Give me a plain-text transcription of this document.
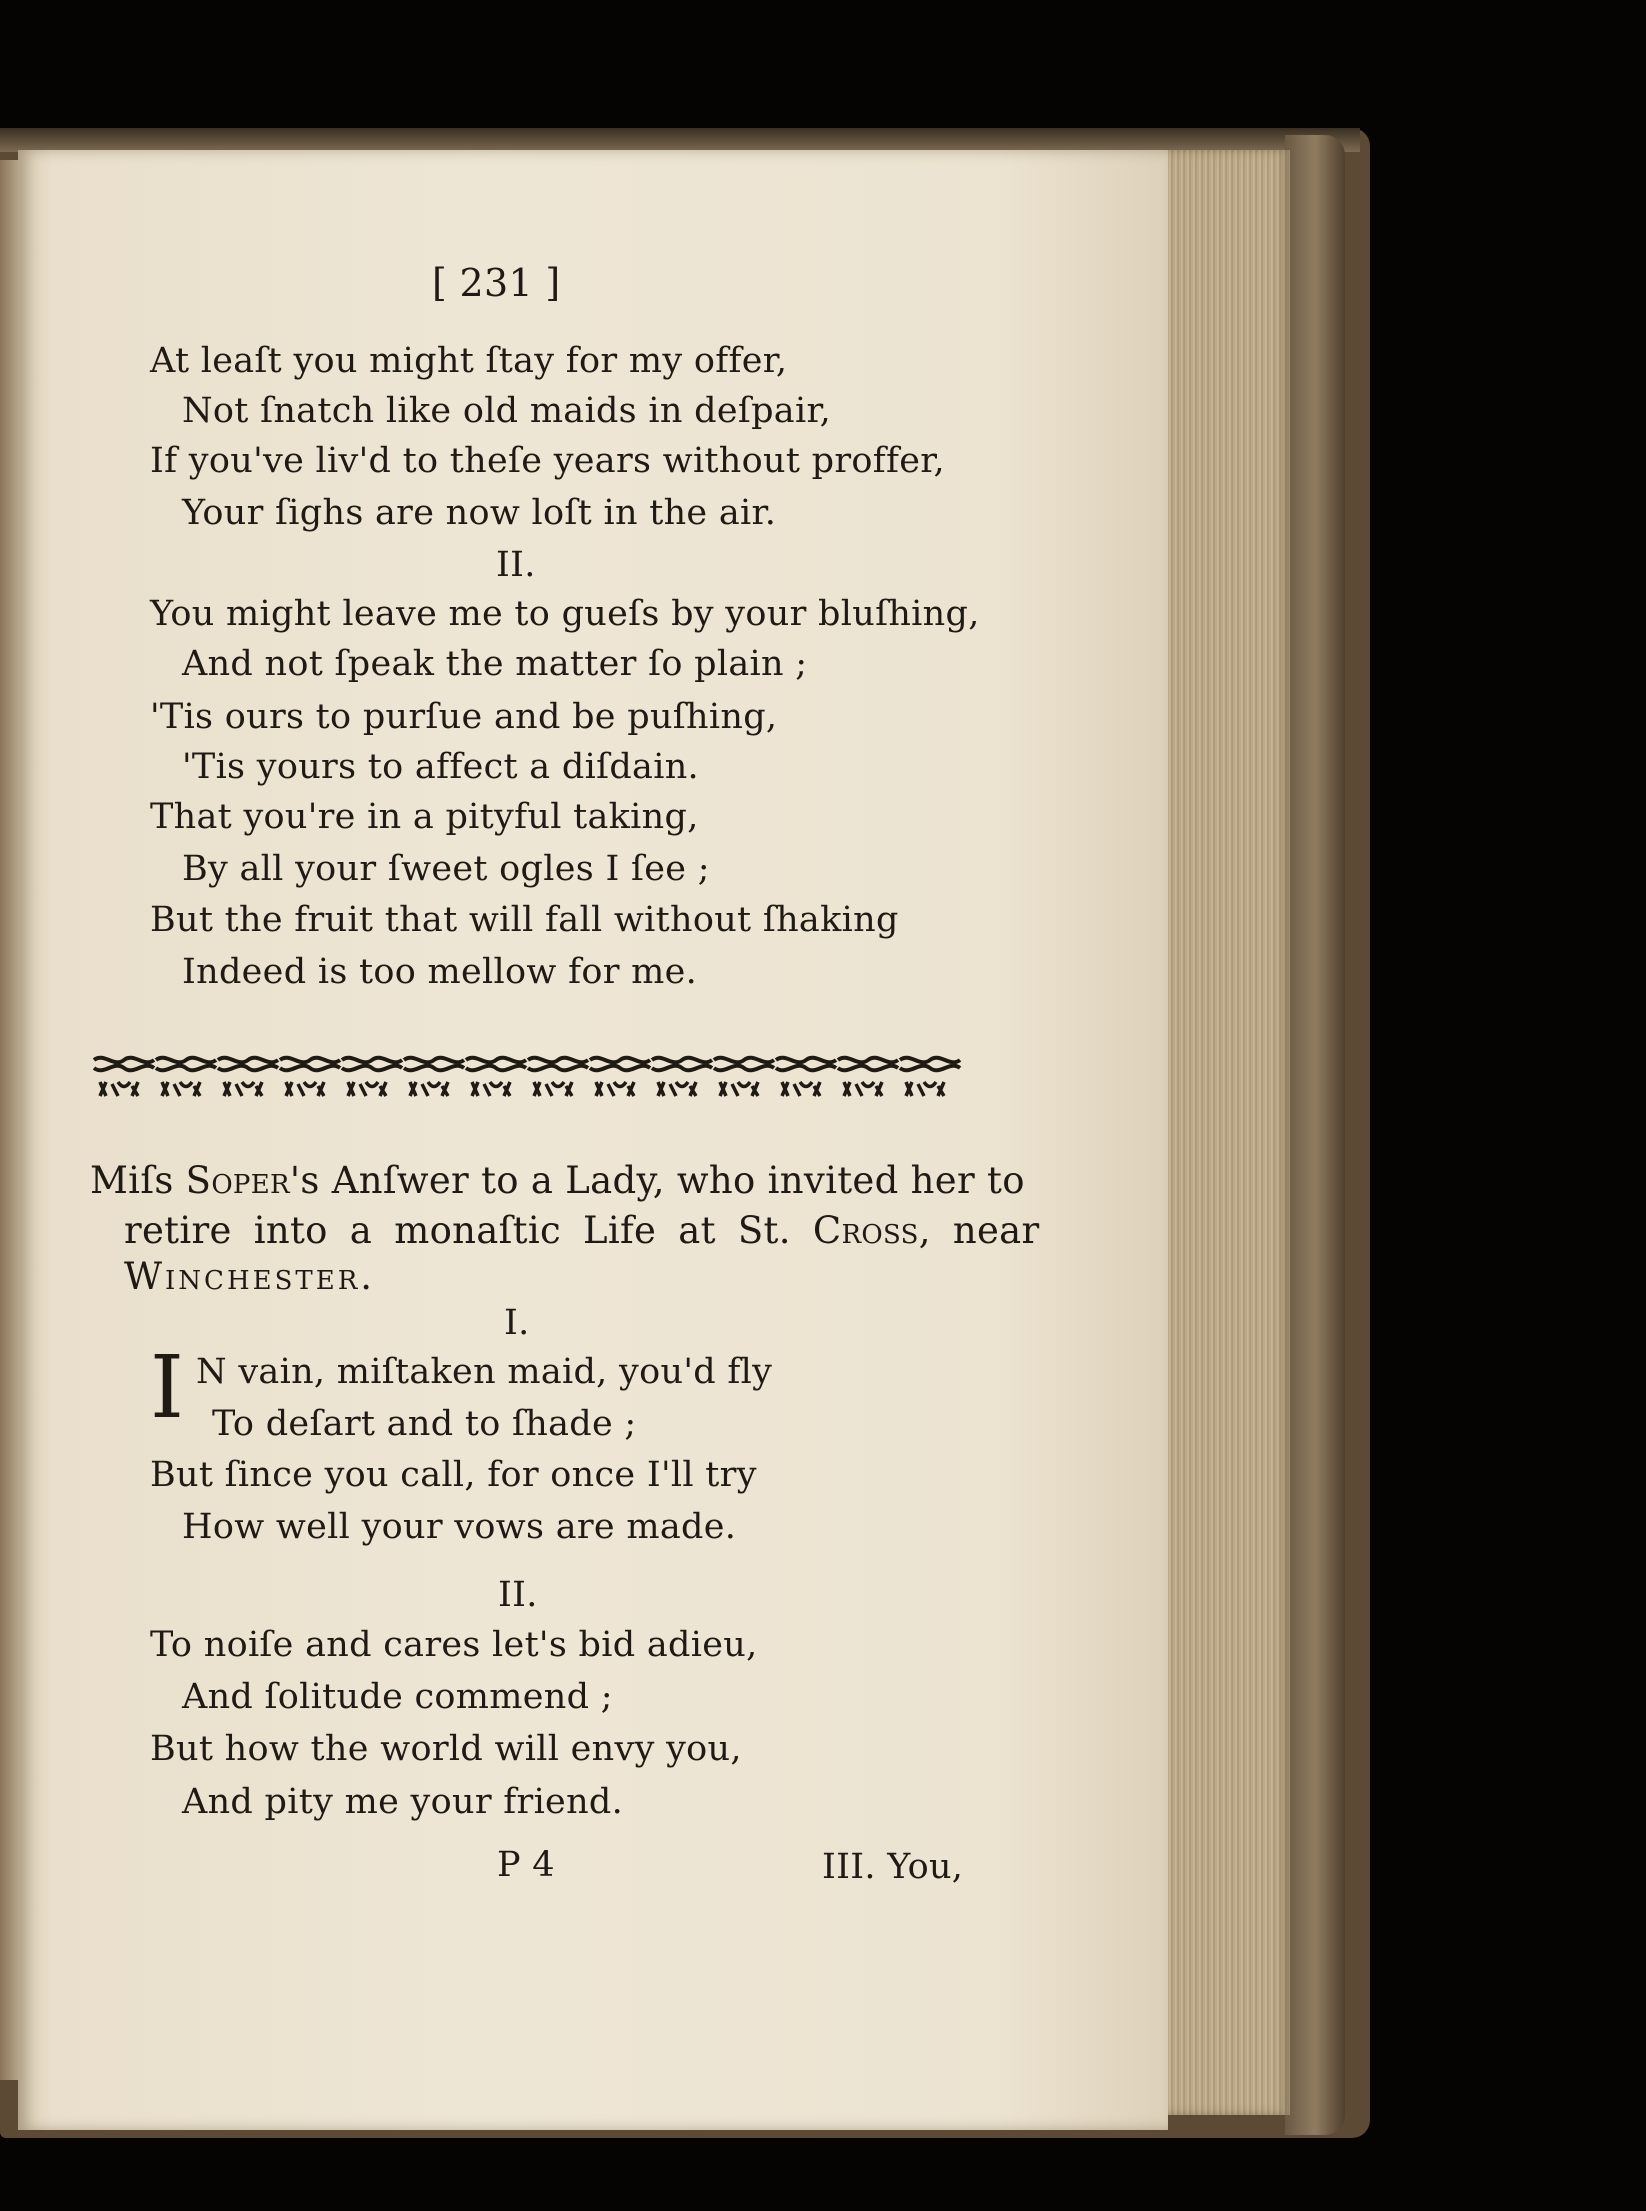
[ 231 ]
At leaſt you might ſtay for my offer,
Not ſnatch like old maids in deſpair,
If you've liv'd to theſe years without proffer,
Your ſighs are now loſt in the air.
II.
You might leave me to gueſs by your bluſhing,
And not ſpeak the matter ſo plain ;
'Tis ours to purſue and be puſhing,
'Tis yours to affect a diſdain.
That you're in a pityful taking,
By all your ſweet ogles I ſee ;
But the fruit that will fall without ſhaking
Indeed is too mellow for me.
Miſs Soper's Anſwer to a Lady, who invited her to
retire into a monaſtic Life at St. Cross, near
Winchester.
I.
I N vain, miſtaken maid, you'd fly
To deſart and to ſhade ;
But ſince you call, for once I'll try
How well your vows are made.
II.
To noiſe and cares let's bid adieu,
And ſolitude commend ;
But how the world will envy you,
And pity me your friend.
P 4	III. You,
